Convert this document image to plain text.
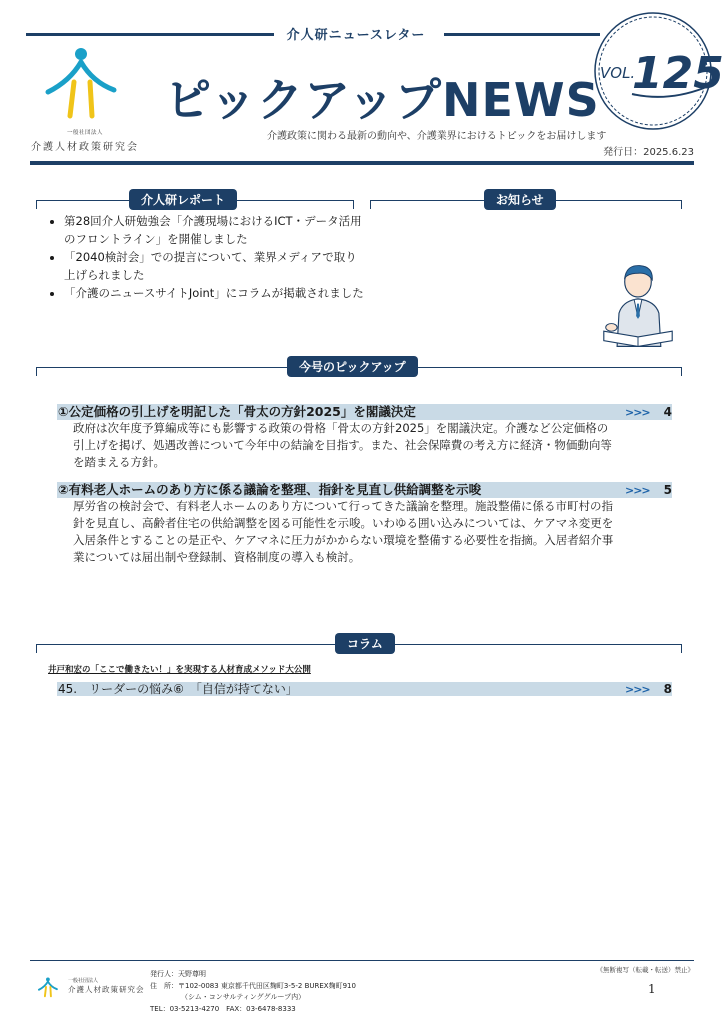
介人研ニュースレター
一般社団法人
介護人材政策研究会
ピックアップNEWS
介護政策に関わる最新の動向や、介護業界におけるトピックをお届けします
発行日：2025.6.23
VOL.
125
介人研レポート
• 第28回介人研勉強会「介護現場におけるICT・データ活用のフロントライン」を開催しました
• 「2040検討会」での提言について、業界メディアで取り上げられました
• 「介護のニュースサイトJoint」にコラムが掲載されました
お知らせ
今号のピックアップ
①公定価格の引上げを明記した「骨太の方針2025」を閣議決定	>>> 4
政府は次年度予算編成等にも影響する政策の骨格「骨太の方針2025」を閣議決定。介護など公定価格の
引上げを掲げ、処遇改善について今年中の結論を目指す。また、社会保障費の考え方に経済・物価動向等
を踏まえる方針。
②有料老人ホームのあり方に係る議論を整理、指針を見直し供給調整を示唆	>>> 5
厚労省の検討会で、有料老人ホームのあり方について行ってきた議論を整理。施設整備に係る市町村の指
針を見直し、高齢者住宅の供給調整を図る可能性を示唆。いわゆる囲い込みについては、ケアマネ変更を
入居条件とすることの是正や、ケアマネに圧力がかからない環境を整備する必要性を指摘。入居者紹介事
業については届出制や登録制、資格制度の導入も検討。
コラム
井戸和宏の「ここで働きたい！」を実現する人材育成メソッド大公開
45.　リーダーの悩み⑥　「自信が持てない」	>>> 8
一般社団法人
介護人材政策研究会
発行人：天野尊明
住　所：〒102-0083 東京都千代田区麹町3-5-2 BUREX麹町910
（シム・コンサルティンググループ内）
TEL：03-5213-4270　FAX：03-6478-8333
《無断複写（転載・転送）禁止》
1
